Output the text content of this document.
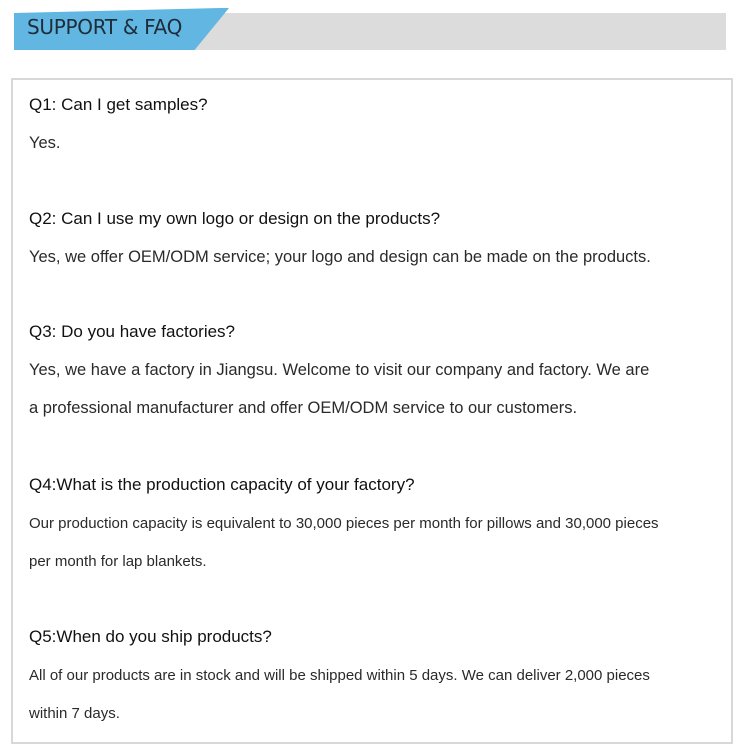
SUPPORT & FAQ
Q1: Can I get samples?
Yes.
Q2: Can I use my own logo or design on the products?
Yes, we offer OEM/ODM service; your logo and design can be made on the products.
Q3: Do you have factories?
Yes, we have a factory in Jiangsu. Welcome to visit our company and factory. We are
a professional manufacturer and offer OEM/ODM service to our customers.
Q4:What is the production capacity of your factory?
Our production capacity is equivalent to 30,000 pieces per month for pillows and 30,000 pieces
per month for lap blankets.
Q5:When do you ship products?
All of our products are in stock and will be shipped within 5 days. We can deliver 2,000 pieces
within 7 days.
